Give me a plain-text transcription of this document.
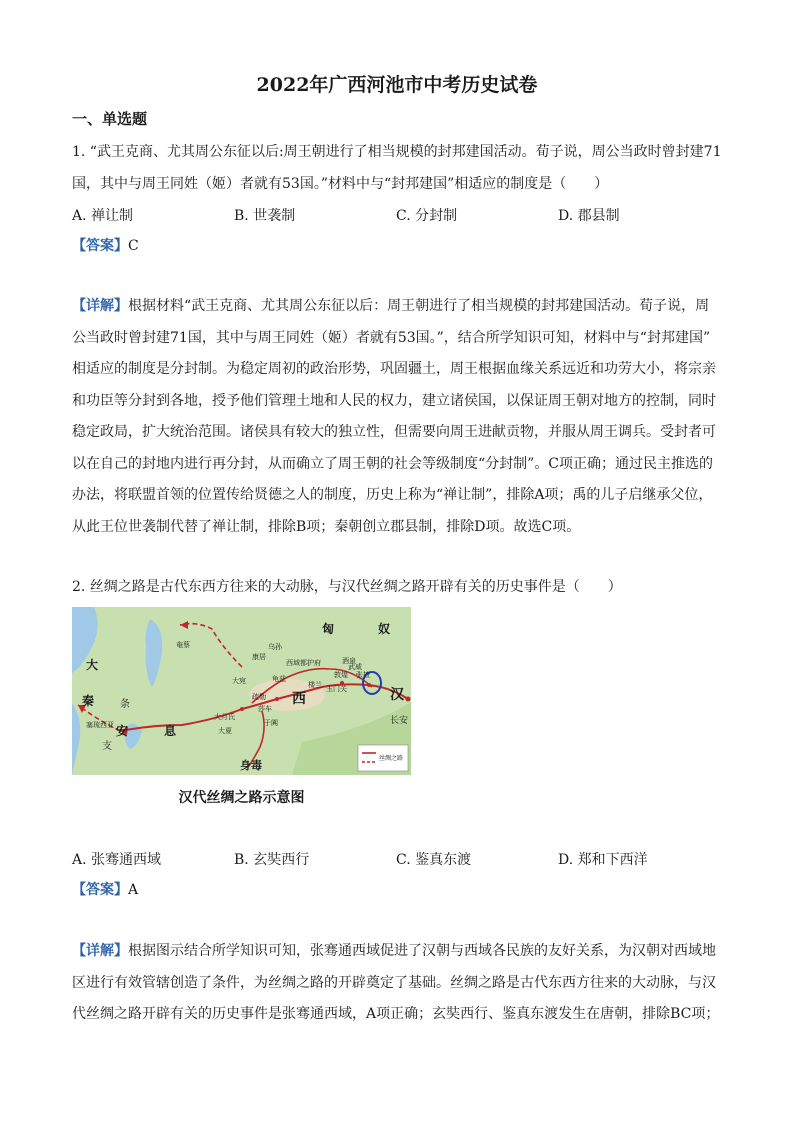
2022年广西河池市中考历史试卷
一、单选题
1. “武王克商、尤其周公东征以后:周王朝进行了相当规模的封邦建国活动。荀子说，周公当政时曾封建71
国，其中与周王同姓（姬）者就有53国。”材料中与“封邦建国”相适应的制度是（　　）
A. 禅让制	B. 世袭制	C. 分封制	D. 郡县制
【答案】C
【详解】根据材料“武王克商、尤其周公东征以后：周王朝进行了相当规模的封邦建国活动。荀子说，周
公当政时曾封建71国，其中与周王同姓（姬）者就有53国。”，结合所学知识可知，材料中与“封邦建国”
相适应的制度是分封制。为稳定周初的政治形势，巩固疆土，周王根据血缘关系远近和功劳大小，将宗亲
和功臣等分封到各地，授予他们管理土地和人民的权力，建立诸侯国，以保证周王朝对地方的控制，同时
稳定政局，扩大统治范围。诸侯具有较大的独立性，但需要向周王进献贡物，并服从周王调兵。受封者可
以在自己的封地内进行再分封，从而确立了周王朝的社会等级制度“分封制”。C项正确；通过民主推选的
办法，将联盟首领的位置传给贤德之人的制度，历史上称为“禅让制”，排除A项；禹的儿子启继承父位，
从此王位世袭制代替了禅让制，排除B项；秦朝创立郡县制，排除D项。故选C项。
2. 丝绸之路是古代东西方往来的大动脉，与汉代丝绸之路开辟有关的历史事件是（　　）
匈	奴
大
秦	条
支
安	息
西	汉
长安
身毒
大宛
大月氏
大夏
康居
奄蔡
疏勒
龟兹
于阗
敦煌
玉门关
西域都护府	武威
张掖
酒泉
楼兰
莎车
乌孙
塞琉西亚
丝绸之路
汉代丝绸之路示意图
A. 张骞通西域	B. 玄奘西行	C. 鉴真东渡	D. 郑和下西洋
【答案】A
【详解】根据图示结合所学知识可知，张骞通西域促进了汉朝与西域各民族的友好关系，为汉朝对西域地
区进行有效管辖创造了条件，为丝绸之路的开辟奠定了基础。丝绸之路是古代东西方往来的大动脉，与汉
代丝绸之路开辟有关的历史事件是张骞通西域，A项正确；玄奘西行、鉴真东渡发生在唐朝，排除BC项；
